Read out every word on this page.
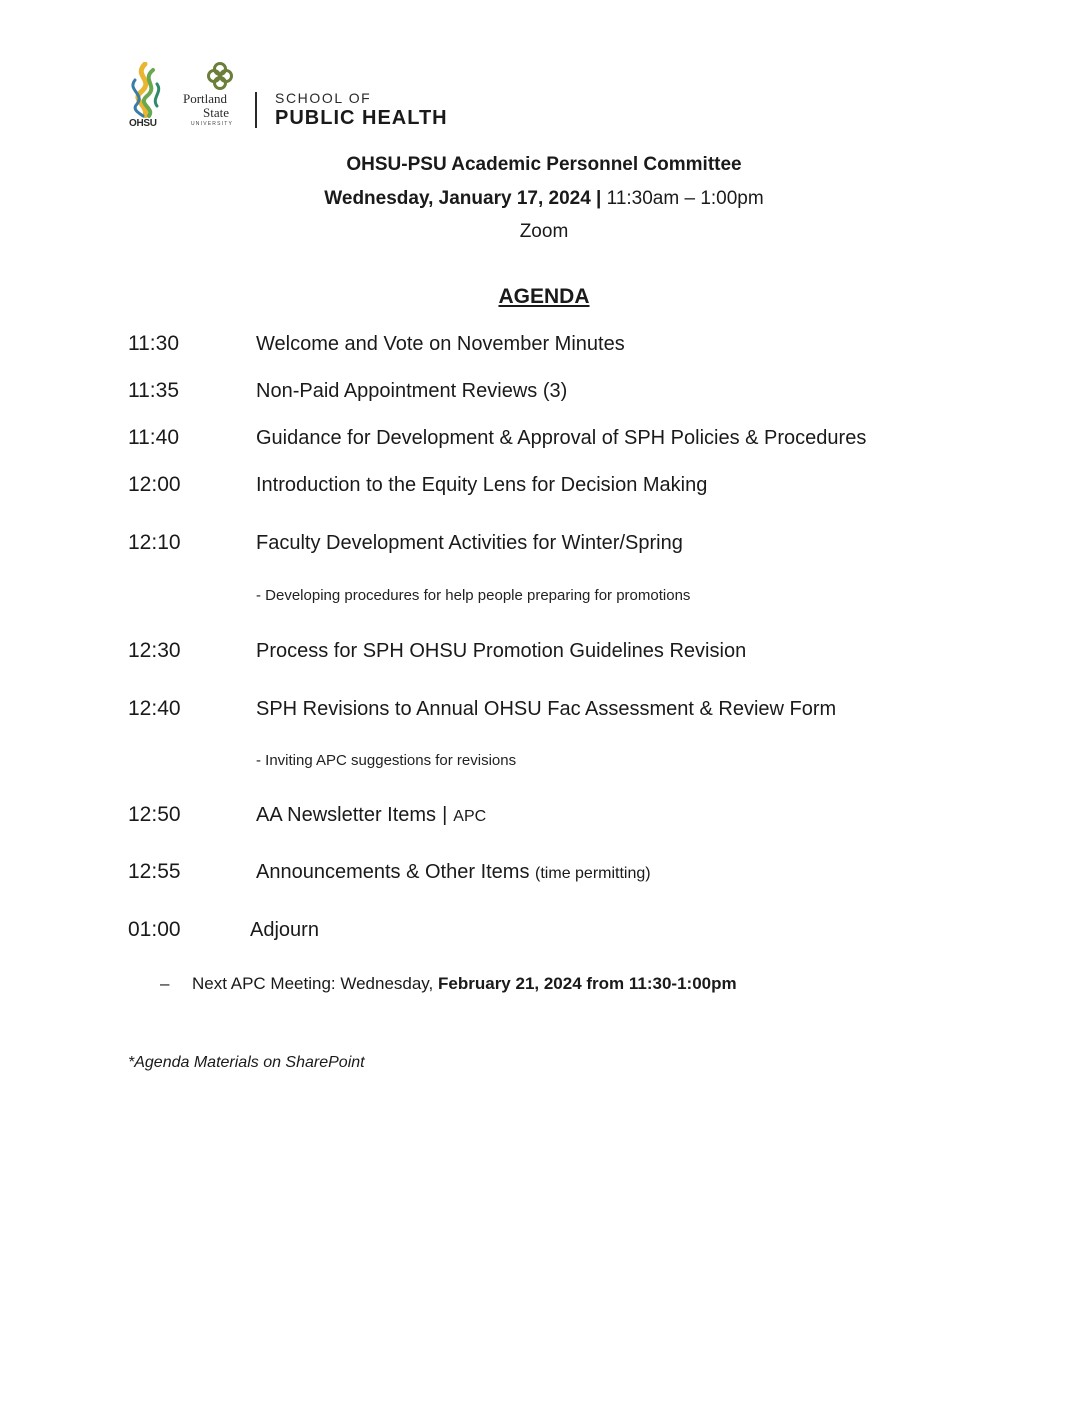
OHSU
Portland
State
UNIVERSITY
SCHOOL OF
PUBLIC HEALTH
OHSU-PSU Academic Personnel Committee
Wednesday, January 17, 2024 | 11:30am – 1:00pm
Zoom
AGENDA
11:30	Welcome and Vote on November Minutes
11:35	Non-Paid Appointment Reviews (3)
11:40	Guidance for Development & Approval of SPH Policies & Procedures
12:00	Introduction to the Equity Lens for Decision Making
12:10	Faculty Development Activities for Winter/Spring
- Developing procedures for help people preparing for promotions
12:30	Process for SPH OHSU Promotion Guidelines Revision
12:40	SPH Revisions to Annual OHSU Fac Assessment & Review Form
- Inviting APC suggestions for revisions
12:50	AA Newsletter Items | APC
12:55	Announcements & Other Items (time permitting)
01:00	Adjourn
– Next APC Meeting: Wednesday, February 21, 2024 from 11:30-1:00pm
*Agenda Materials on SharePoint
